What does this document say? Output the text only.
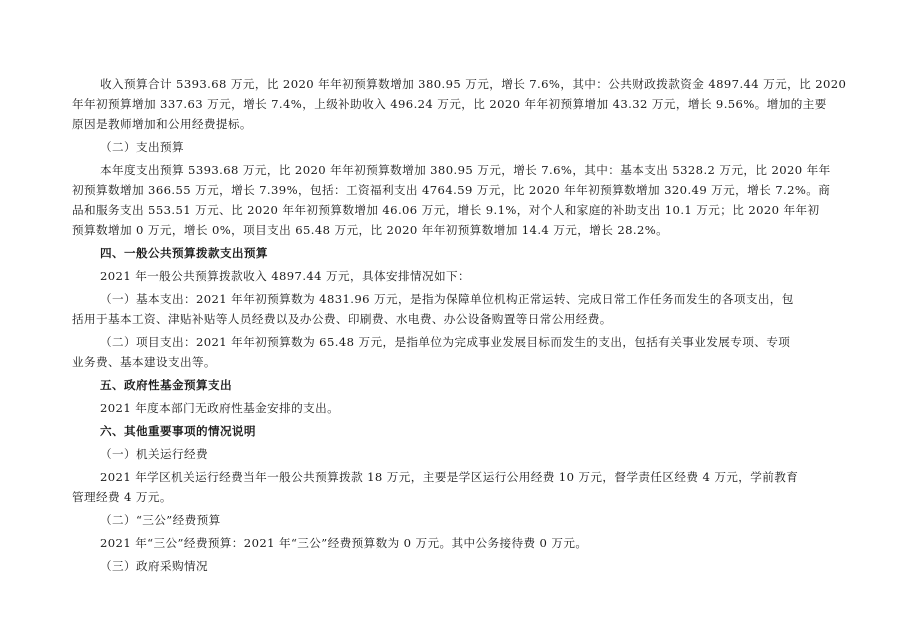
收入预算合计 5393.68 万元，比 2020 年年初预算数增加 380.95 万元，增长 7.6%，其中：公共财政拨款资金 4897.44 万元，比 2020
年年初预算增加 337.63 万元，增长 7.4%，上级补助收入 496.24 万元，比 2020 年年初预算增加 43.32 万元，增长 9.56%。增加的主要
原因是教师增加和公用经费提标。
（二）支出预算
本年度支出预算 5393.68 万元，比 2020 年年初预算数增加 380.95 万元，增长 7.6%，其中：基本支出 5328.2 万元，比 2020 年年
初预算数增加 366.55 万元，增长 7.39%，包括：工资福利支出 4764.59 万元，比 2020 年年初预算数增加 320.49 万元，增长 7.2%。商
品和服务支出 553.51 万元、比 2020 年年初预算数增加 46.06 万元，增长 9.1%，对个人和家庭的补助支出 10.1 万元；比 2020 年年初
预算数增加 0 万元，增长 0%，项目支出 65.48 万元，比 2020 年年初预算数增加 14.4 万元，增长 28.2%。
四、一般公共预算拨款支出预算
2021 年一般公共预算拨款收入 4897.44 万元，具体安排情况如下：
（一）基本支出：2021 年年初预算数为 4831.96 万元，是指为保障单位机构正常运转、完成日常工作任务而发生的各项支出，包
括用于基本工资、津贴补贴等人员经费以及办公费、印刷费、水电费、办公设备购置等日常公用经费。
（二）项目支出：2021 年年初预算数为 65.48 万元，是指单位为完成事业发展目标而发生的支出，包括有关事业发展专项、专项
业务费、基本建设支出等。
五、政府性基金预算支出
2021 年度本部门无政府性基金安排的支出。
六、其他重要事项的情况说明
（一）机关运行经费
2021 年学区机关运行经费当年一般公共预算拨款 18 万元，主要是学区运行公用经费 10 万元，督学责任区经费 4 万元，学前教育
管理经费 4 万元。
（二）“三公”经费预算
2021 年“三公”经费预算：2021 年“三公”经费预算数为 0 万元。其中公务接待费 0 万元。
（三）政府采购情况
